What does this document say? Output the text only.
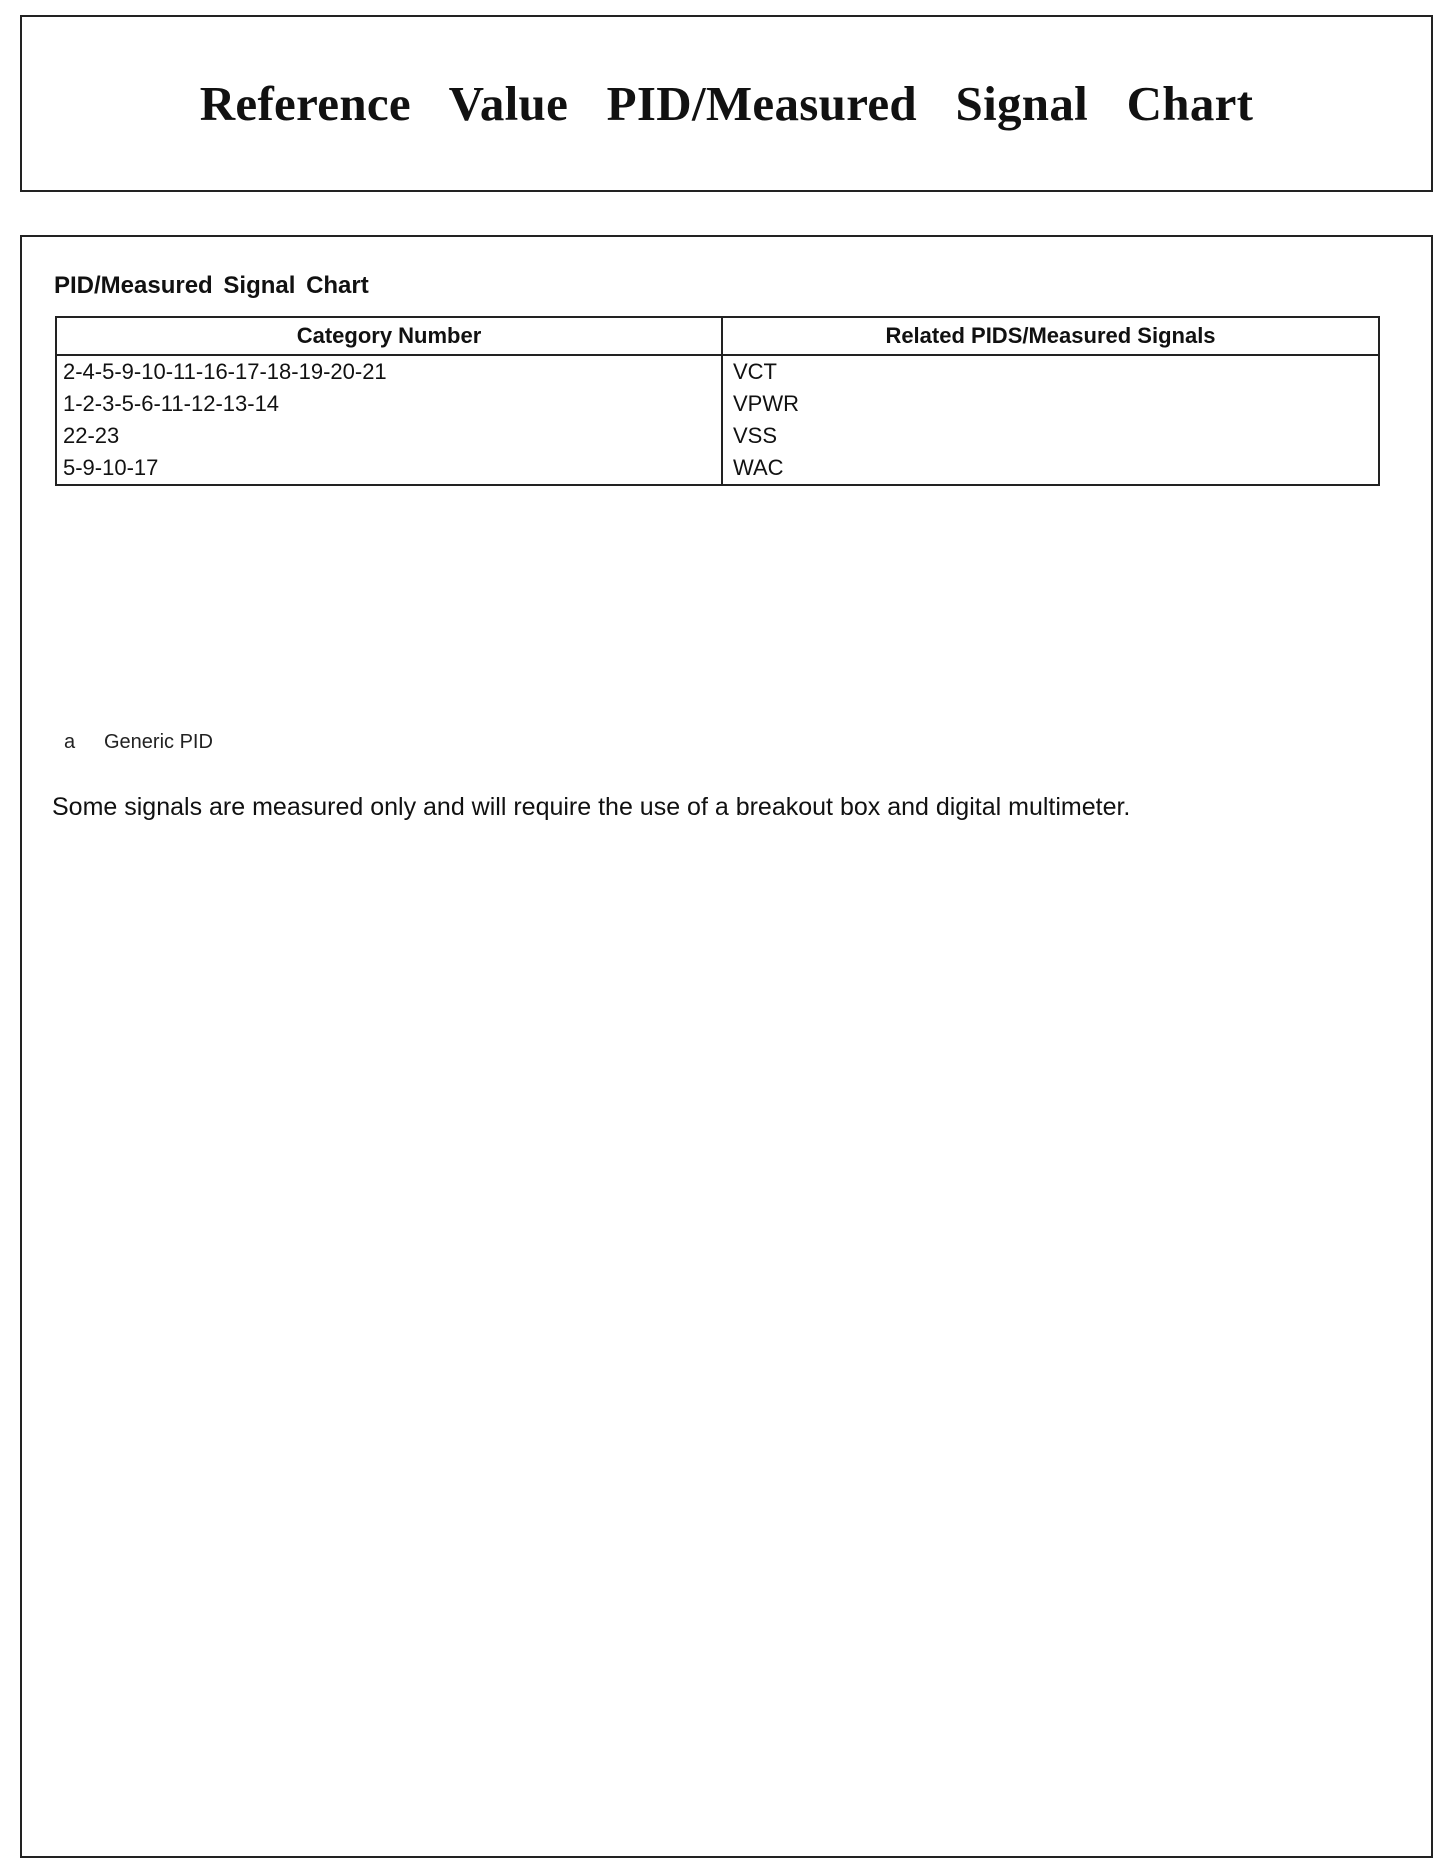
Reference Value PID/Measured Signal Chart
PID/Measured Signal Chart
Category Number	Related PIDS/Measured Signals
2-4-5-9-10-11-16-17-18-19-20-21	VCT
1-2-3-5-6-11-12-13-14	VPWR
22-23	VSS
5-9-10-17	WAC
a Generic PID

Some signals are measured only and will require the use of a breakout box and digital multimeter.
